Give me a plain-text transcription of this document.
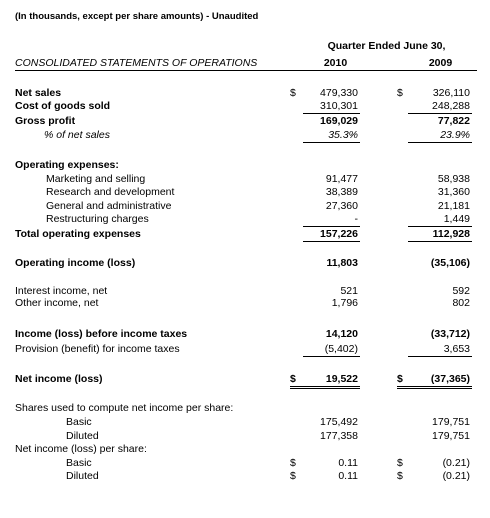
(In thousands, except per share amounts) - Unaudited
Quarter Ended June 30,
CONSOLIDATED STATEMENTS OF OPERATIONS	2010	2009
Net sales	$	479,330	$	326,110
Cost of goods sold	310,301	248,288
Gross profit	169,029	77,822
% of net sales	35.3%	23.9%
Operating expenses:
Marketing and selling	91,477	58,938
Research and development	38,389	31,360
General and administrative	27,360	21,181
Restructuring charges	-	1,449
Total operating expenses	157,226	112,928
Operating income (loss)	11,803	(35,106)
Interest income, net	521	592
Other income, net	1,796	802
Income (loss) before income taxes	14,120	(33,712)
Provision (benefit) for income taxes	(5,402)	3,653
Net income (loss)	$	19,522	$	(37,365)
Shares used to compute net income per share:
Basic	175,492	179,751
Diluted	177,358	179,751
Net income (loss) per share:
Basic	$	0.11	$	(0.21)
Diluted	$	0.11	$	(0.21)
